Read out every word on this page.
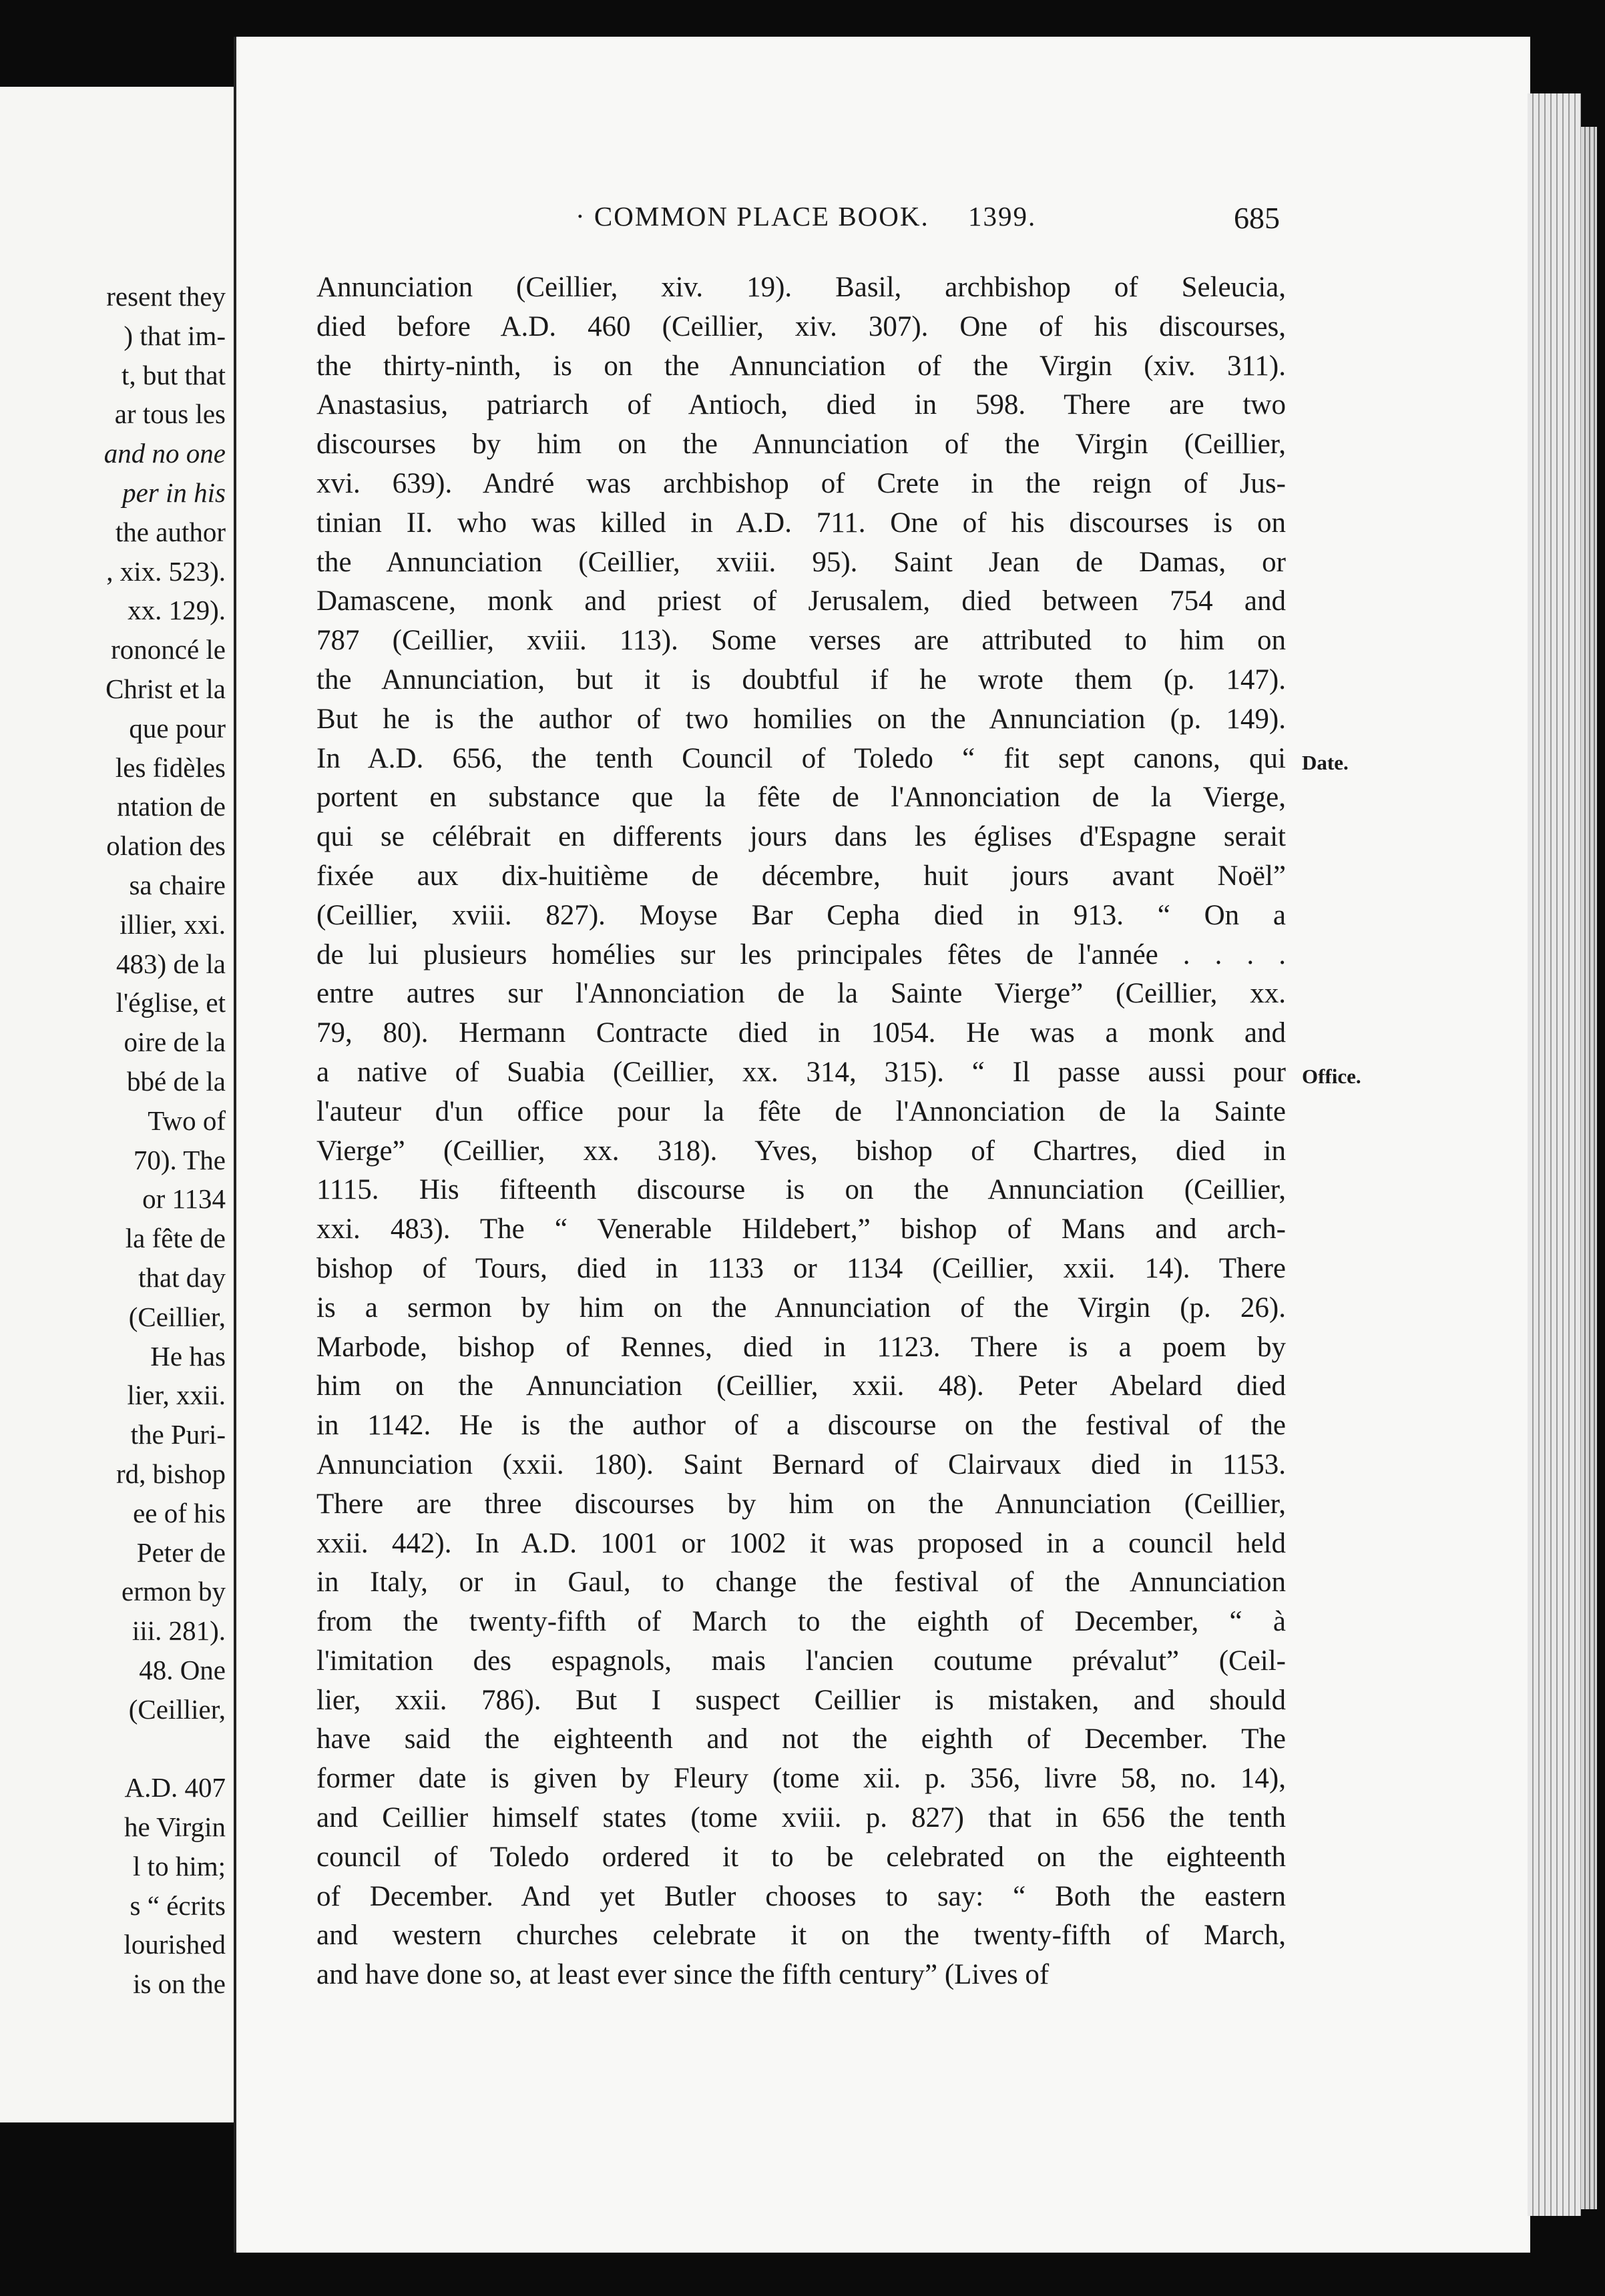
resent they
) that im-
t, but that
ar tous les
and no one
per in his
the author
, xix. 523).
xx. 129).
rononcé le
Christ et la
que pour
les fidèles
ntation de
olation des
sa chaire
illier, xxi.
483) de la
l'église, et
oire de la
bbé de la
Two of
70). The
or 1134
la fête de
that day
(Ceillier,
He has
lier, xxii.
the Puri-
rd, bishop
ee of his
Peter de
ermon by
iii. 281).
48. One
(Ceillier,
A.D. 407
he Virgin
l to him;
s “ écrits
lourished
is on the
· COMMON PLACE BOOK. 1399.	685
Date.
Office.
Annunciation (Ceillier, xiv. 19). Basil, archbishop of Seleucia,
died before A.D. 460 (Ceillier, xiv. 307). One of his discourses,
the thirty-ninth, is on the Annunciation of the Virgin (xiv. 311).
Anastasius, patriarch of Antioch, died in 598. There are two
discourses by him on the Annunciation of the Virgin (Ceillier,
xvi. 639). André was archbishop of Crete in the reign of Jus-
tinian II. who was killed in A.D. 711. One of his discourses is on
the Annunciation (Ceillier, xviii. 95). Saint Jean de Damas, or
Damascene, monk and priest of Jerusalem, died between 754 and
787 (Ceillier, xviii. 113). Some verses are attributed to him on
the Annunciation, but it is doubtful if he wrote them (p. 147).
But he is the author of two homilies on the Annunciation (p. 149).
In A.D. 656, the tenth Council of Toledo “ fit sept canons, qui
portent en substance que la fête de l'Annonciation de la Vierge,
qui se célébrait en differents jours dans les églises d'Espagne serait
fixée aux dix-huitième de décembre, huit jours avant Noël”
(Ceillier, xviii. 827). Moyse Bar Cepha died in 913. “ On a
de lui plusieurs homélies sur les principales fêtes de l'année . . . .
entre autres sur l'Annonciation de la Sainte Vierge” (Ceillier, xx.
79, 80). Hermann Contracte died in 1054. He was a monk and
a native of Suabia (Ceillier, xx. 314, 315). “ Il passe aussi pour
l'auteur d'un office pour la fête de l'Annonciation de la Sainte
Vierge” (Ceillier, xx. 318). Yves, bishop of Chartres, died in
1115. His fifteenth discourse is on the Annunciation (Ceillier,
xxi. 483). The “ Venerable Hildebert,” bishop of Mans and arch-
bishop of Tours, died in 1133 or 1134 (Ceillier, xxii. 14). There
is a sermon by him on the Annunciation of the Virgin (p. 26).
Marbode, bishop of Rennes, died in 1123. There is a poem by
him on the Annunciation (Ceillier, xxii. 48). Peter Abelard died
in 1142. He is the author of a discourse on the festival of the
Annunciation (xxii. 180). Saint Bernard of Clairvaux died in 1153.
There are three discourses by him on the Annunciation (Ceillier,
xxii. 442). In A.D. 1001 or 1002 it was proposed in a council held
in Italy, or in Gaul, to change the festival of the Annunciation
from the twenty-fifth of March to the eighth of December, “ à
l'imitation des espagnols, mais l'ancien coutume prévalut” (Ceil-
lier, xxii. 786). But I suspect Ceillier is mistaken, and should
have said the eighteenth and not the eighth of December. The
former date is given by Fleury (tome xii. p. 356, livre 58, no. 14),
and Ceillier himself states (tome xviii. p. 827) that in 656 the tenth
council of Toledo ordered it to be celebrated on the eighteenth
of December. And yet Butler chooses to say: “ Both the eastern
and western churches celebrate it on the twenty-fifth of March,
and have done so, at least ever since the fifth century” (Lives of
